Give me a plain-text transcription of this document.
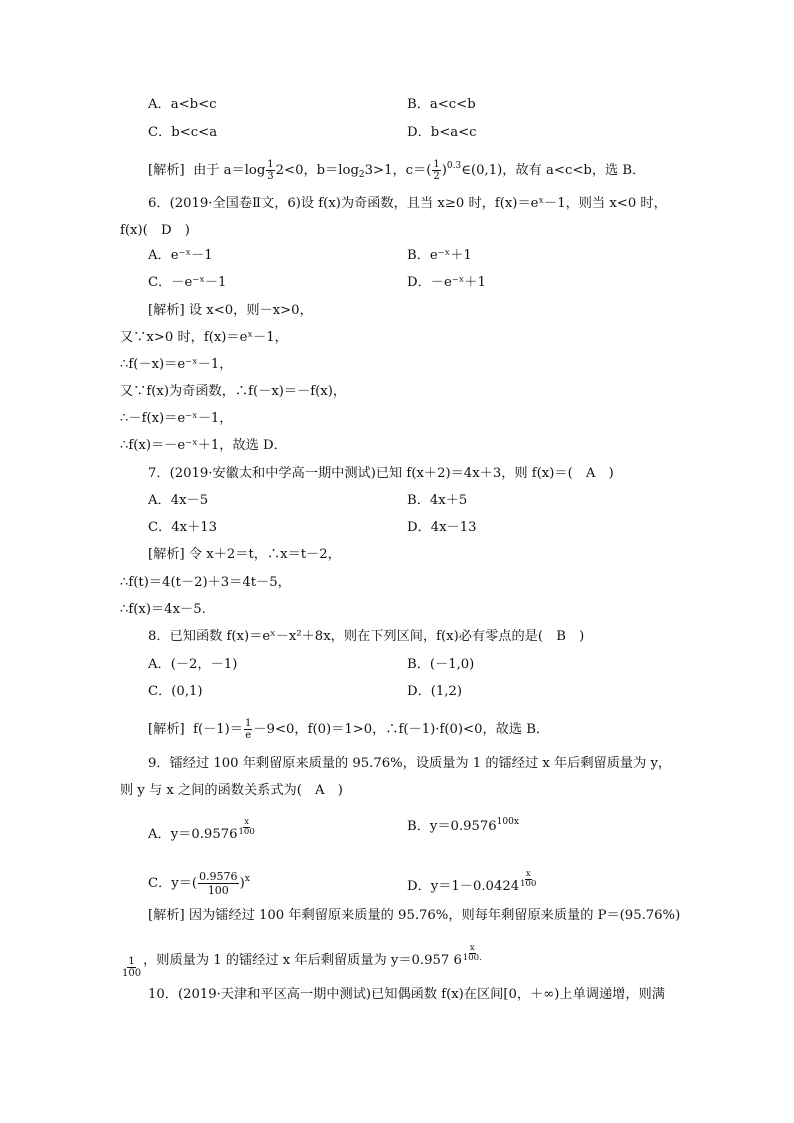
A．a<b<c	B．a<c<b
C．b<c<a	D．b<a<c
[解析] 由于 $a=\log \frac{1}{3} 2<0$，$b=\log_23>1$，$c=( \frac{1}{2}$ )$^{0.3}\in(0,1)$，故有 a<c<b，选 B．
6．(2019·全国卷Ⅱ文，6)设 f(x)为奇函数，且当 x≥0 时，f(x)＝eˣ－1，则当 x<0 时，
f(x)(　D　)
A．e⁻ˣ－1	B．e⁻ˣ＋1
C．－e⁻ˣ－1	D．－e⁻ˣ＋1
[解析] 设 x<0，则－x>0，
又∵x>0 时，f(x)＝eˣ－1，
∴f(－x)＝e⁻ˣ－1，
又∵f(x)为奇函数，∴f(－x)＝－f(x)，
∴－f(x)＝e⁻ˣ－1，
∴f(x)＝－e⁻ˣ＋1，故选 D．
7．(2019·安徽太和中学高一期中测试)已知 f(x＋2)＝4x＋3，则 f(x)＝(　A　)
A．4x－5	B．4x＋5
C．4x＋13	D．4x－13
[解析] 令 x＋2＝t，∴x＝t－2，
∴f(t)＝4(t－2)＋3＝4t－5，
∴f(x)＝4x－5.
8．已知函数 f(x)＝eˣ－x²＋8x，则在下列区间，f(x)必有零点的是(　B　)
A．(－2，－1)	B．(－1,0)
C．(0,1)	D．(1,2)
[解析] $f(-1)= \frac{1}{e} -9<0$，f(0)＝1>0，∴f(－1)·f(0)<0，故选 B．
9．镭经过 100 年剩留原来质量的 95.76%，设质量为 1 的镭经过 x 年后剩留质量为 y，
则 y 与 x 之间的函数关系式为(　A　)
A．$y=0.9576 \frac{x}{100}$	B．$y=0.9576^{100x}$
C．$y=( \frac{0.9576}{100} )^x$	D．$y=1-0.0424 \frac{x}{100}$
[解析] 因为镭经过 100 年剩留原来质量的 95.76%，则每年剩留原来质量的 P＝(95.76%)
$\frac{1}{100}$ ，则质量为 1 的镭经过 x 年后剩留质量为 y＝0.957 $6 \frac{x}{100.}$
10．(2019·天津和平区高一期中测试)已知偶函数 f(x)在区间[0，＋∞)上单调递增，则满
